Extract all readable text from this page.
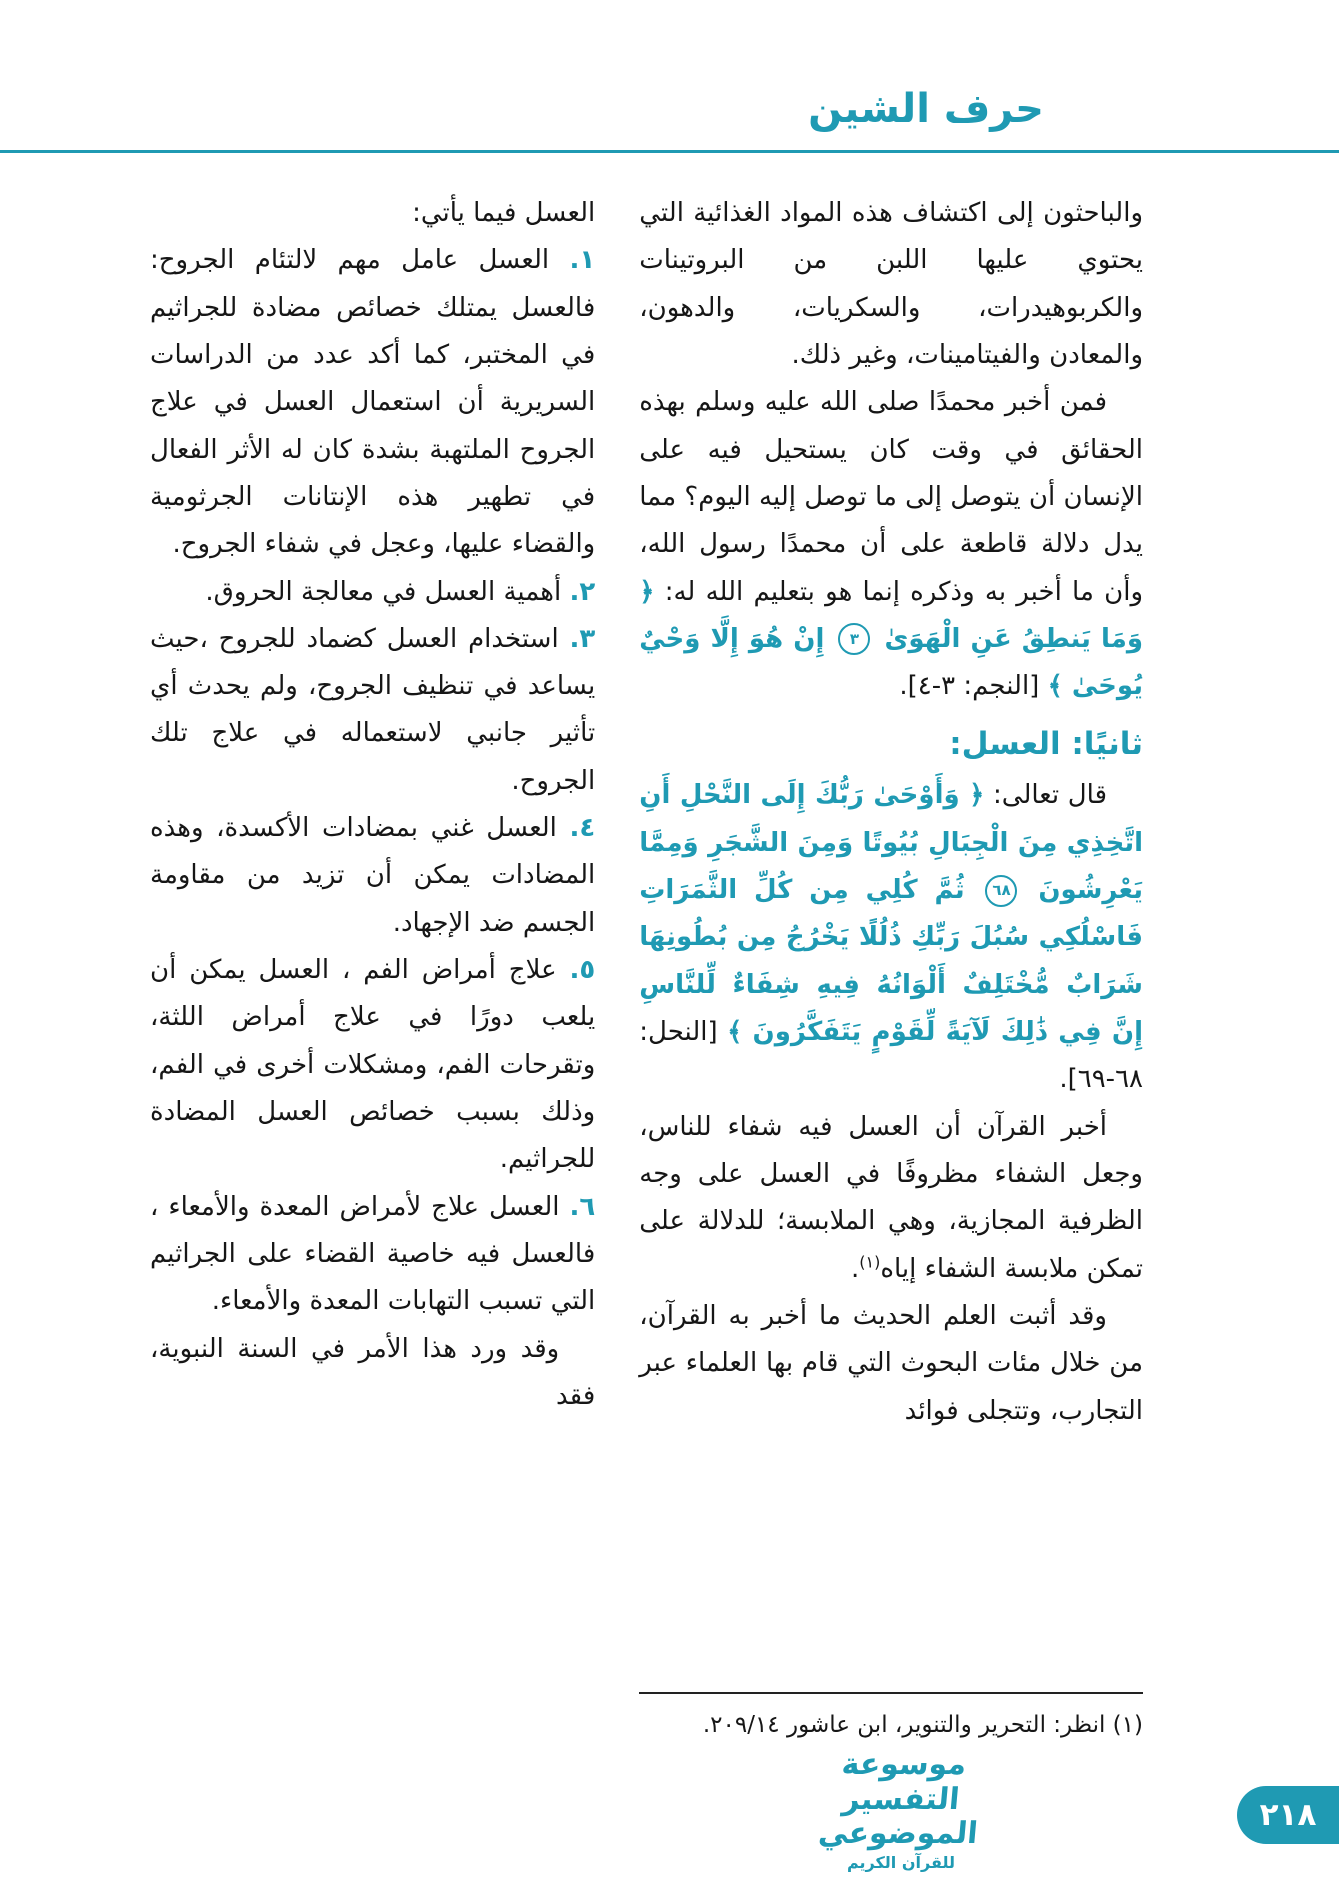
حرف الشين

والباحثون إلى اكتشاف هذه المواد الغذائية التي يحتوي عليها اللبن من البروتينات والكربوهيدرات، والسكريات، والدهون، والمعادن والفيتامينات، وغير ذلك.

فمن أخبر محمدًا صلى الله عليه وسلم بهذه الحقائق في وقت كان يستحيل فيه على الإنسان أن يتوصل إلى ما توصل إليه اليوم؟ مما يدل دلالة قاطعة على أن محمدًا رسول الله، وأن ما أخبر به وذكره إنما هو بتعليم الله له: ﴿ وَمَا يَنطِقُ عَنِ الْهَوَىٰ ٣ إِنْ هُوَ إِلَّا وَحْيٌ يُوحَىٰ ﴾ [النجم: ٣-٤].

ثانيًا: العسل:

قال تعالى: ﴿ وَأَوْحَىٰ رَبُّكَ إِلَى النَّحْلِ أَنِ اتَّخِذِي مِنَ الْجِبَالِ بُيُوتًا وَمِنَ الشَّجَرِ وَمِمَّا يَعْرِشُونَ ٦٨ ثُمَّ كُلِي مِن كُلِّ الثَّمَرَاتِ فَاسْلُكِي سُبُلَ رَبِّكِ ذُلُلًا يَخْرُجُ مِن بُطُونِهَا شَرَابٌ مُّخْتَلِفٌ أَلْوَانُهُ فِيهِ شِفَاءٌ لِّلنَّاسِ إِنَّ فِي ذَٰلِكَ لَآيَةً لِّقَوْمٍ يَتَفَكَّرُونَ ﴾ [النحل: ٦٨-٦٩].

أخبر القرآن أن العسل فيه شفاء للناس، وجعل الشفاء مظروفًا في العسل على وجه الظرفية المجازية، وهي الملابسة؛ للدلالة على تمكن ملابسة الشفاء إياه$^{(١)}$.

وقد أثبت العلم الحديث ما أخبر به القرآن، من خلال مئات البحوث التي قام بها العلماء عبر التجارب، وتتجلى فوائد

(١) انظر: التحرير والتنوير، ابن عاشور ٢٠٩/١٤.

العسل فيما يأتي:

١. العسل عامل مهم لالتئام الجروح: فالعسل يمتلك خصائص مضادة للجراثيم في المختبر، كما أكد عدد من الدراسات السريرية أن استعمال العسل في علاج الجروح الملتهبة بشدة كان له الأثر الفعال في تطهير هذه الإنتانات الجرثومية والقضاء عليها، وعجل في شفاء الجروح.

٢. أهمية العسل في معالجة الحروق.

٣. استخدام العسل كضماد للجروح ،حيث يساعد في تنظيف الجروح، ولم يحدث أي تأثير جانبي لاستعماله في علاج تلك الجروح.

٤. العسل غني بمضادات الأكسدة، وهذه المضادات يمكن أن تزيد من مقاومة الجسم ضد الإجهاد.

٥. علاج أمراض الفم ، العسل يمكن أن يلعب دورًا في علاج أمراض اللثة، وتقرحات الفم، ومشكلات أخرى في الفم، وذلك بسبب خصائص العسل المضادة للجراثيم.

٦. العسل علاج لأمراض المعدة والأمعاء ، فالعسل فيه خاصية القضاء على الجراثيم التي تسبب التهابات المعدة والأمعاء.

وقد ورد هذا الأمر في السنة النبوية، فقد

٢١٨
موسوعة التفسير الموضوعي
للقرآن الكريم
